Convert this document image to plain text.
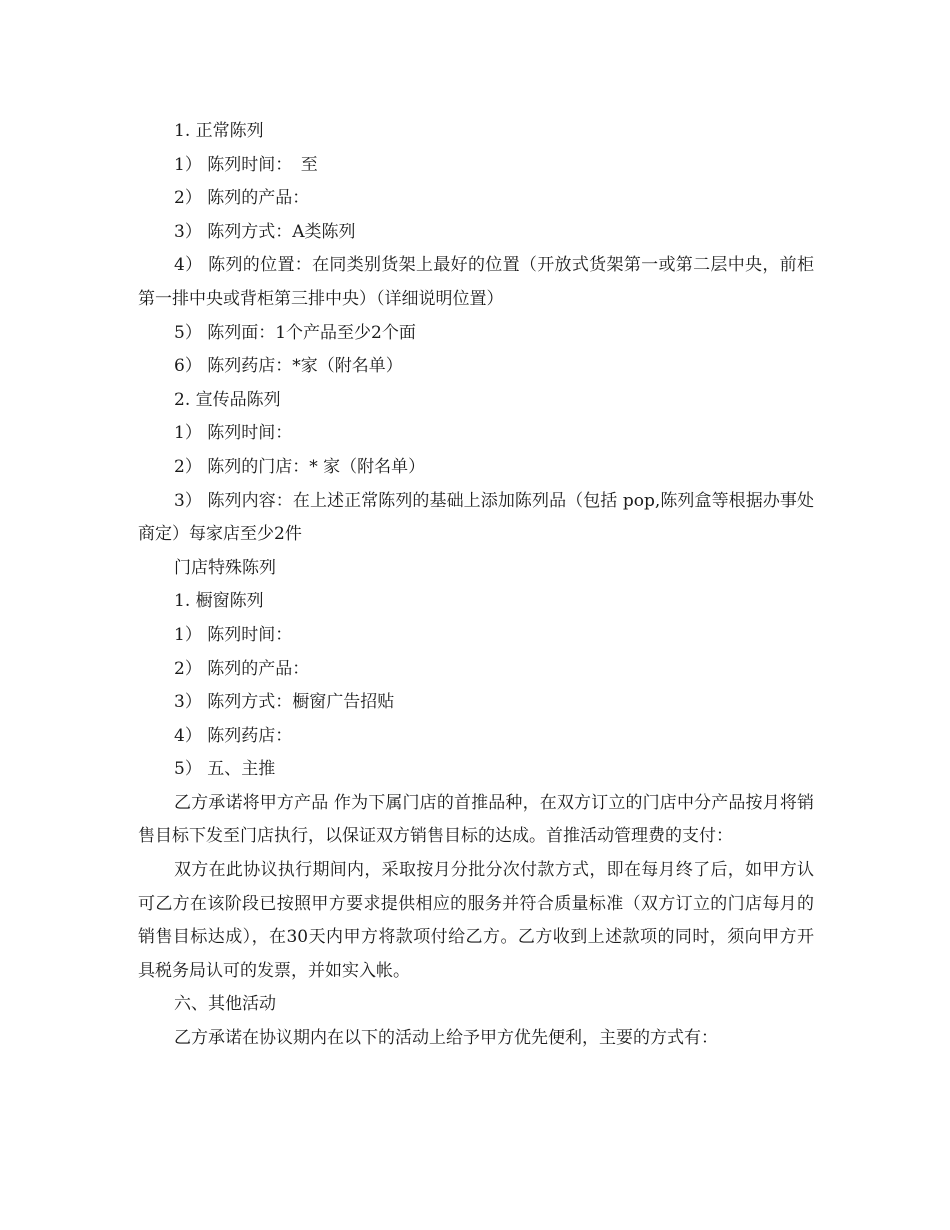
1. 正常陈列

1） 陈列时间：　至

2） 陈列的产品：

3） 陈列方式：A类陈列

4） 陈列的位置：在同类别货架上最好的位置（开放式货架第一或第二层中央，前柜第一排中央或背柜第三排中央）（详细说明位置）

5） 陈列面：1个产品至少2个面

6） 陈列药店：*家（附名单）

2. 宣传品陈列

1） 陈列时间：

2） 陈列的门店：* 家（附名单）

3） 陈列内容：在上述正常陈列的基础上添加陈列品（包括 pop,陈列盒等根据办事处商定）每家店至少2件

门店特殊陈列

1. 橱窗陈列

1） 陈列时间：

2） 陈列的产品：

3） 陈列方式：橱窗广告招贴

4） 陈列药店：

5） 五、主推

乙方承诺将甲方产品 作为下属门店的首推品种，在双方订立的门店中分产品按月将销售目标下发至门店执行，以保证双方销售目标的达成。首推活动管理费的支付：

双方在此协议执行期间内，采取按月分批分次付款方式，即在每月终了后，如甲方认可乙方在该阶段已按照甲方要求提供相应的服务并符合质量标准（双方订立的门店每月的销售目标达成），在30天内甲方将款项付给乙方。乙方收到上述款项的同时，须向甲方开具税务局认可的发票，并如实入帐。

六、其他活动

乙方承诺在协议期内在以下的活动上给予甲方优先便利，主要的方式有：
